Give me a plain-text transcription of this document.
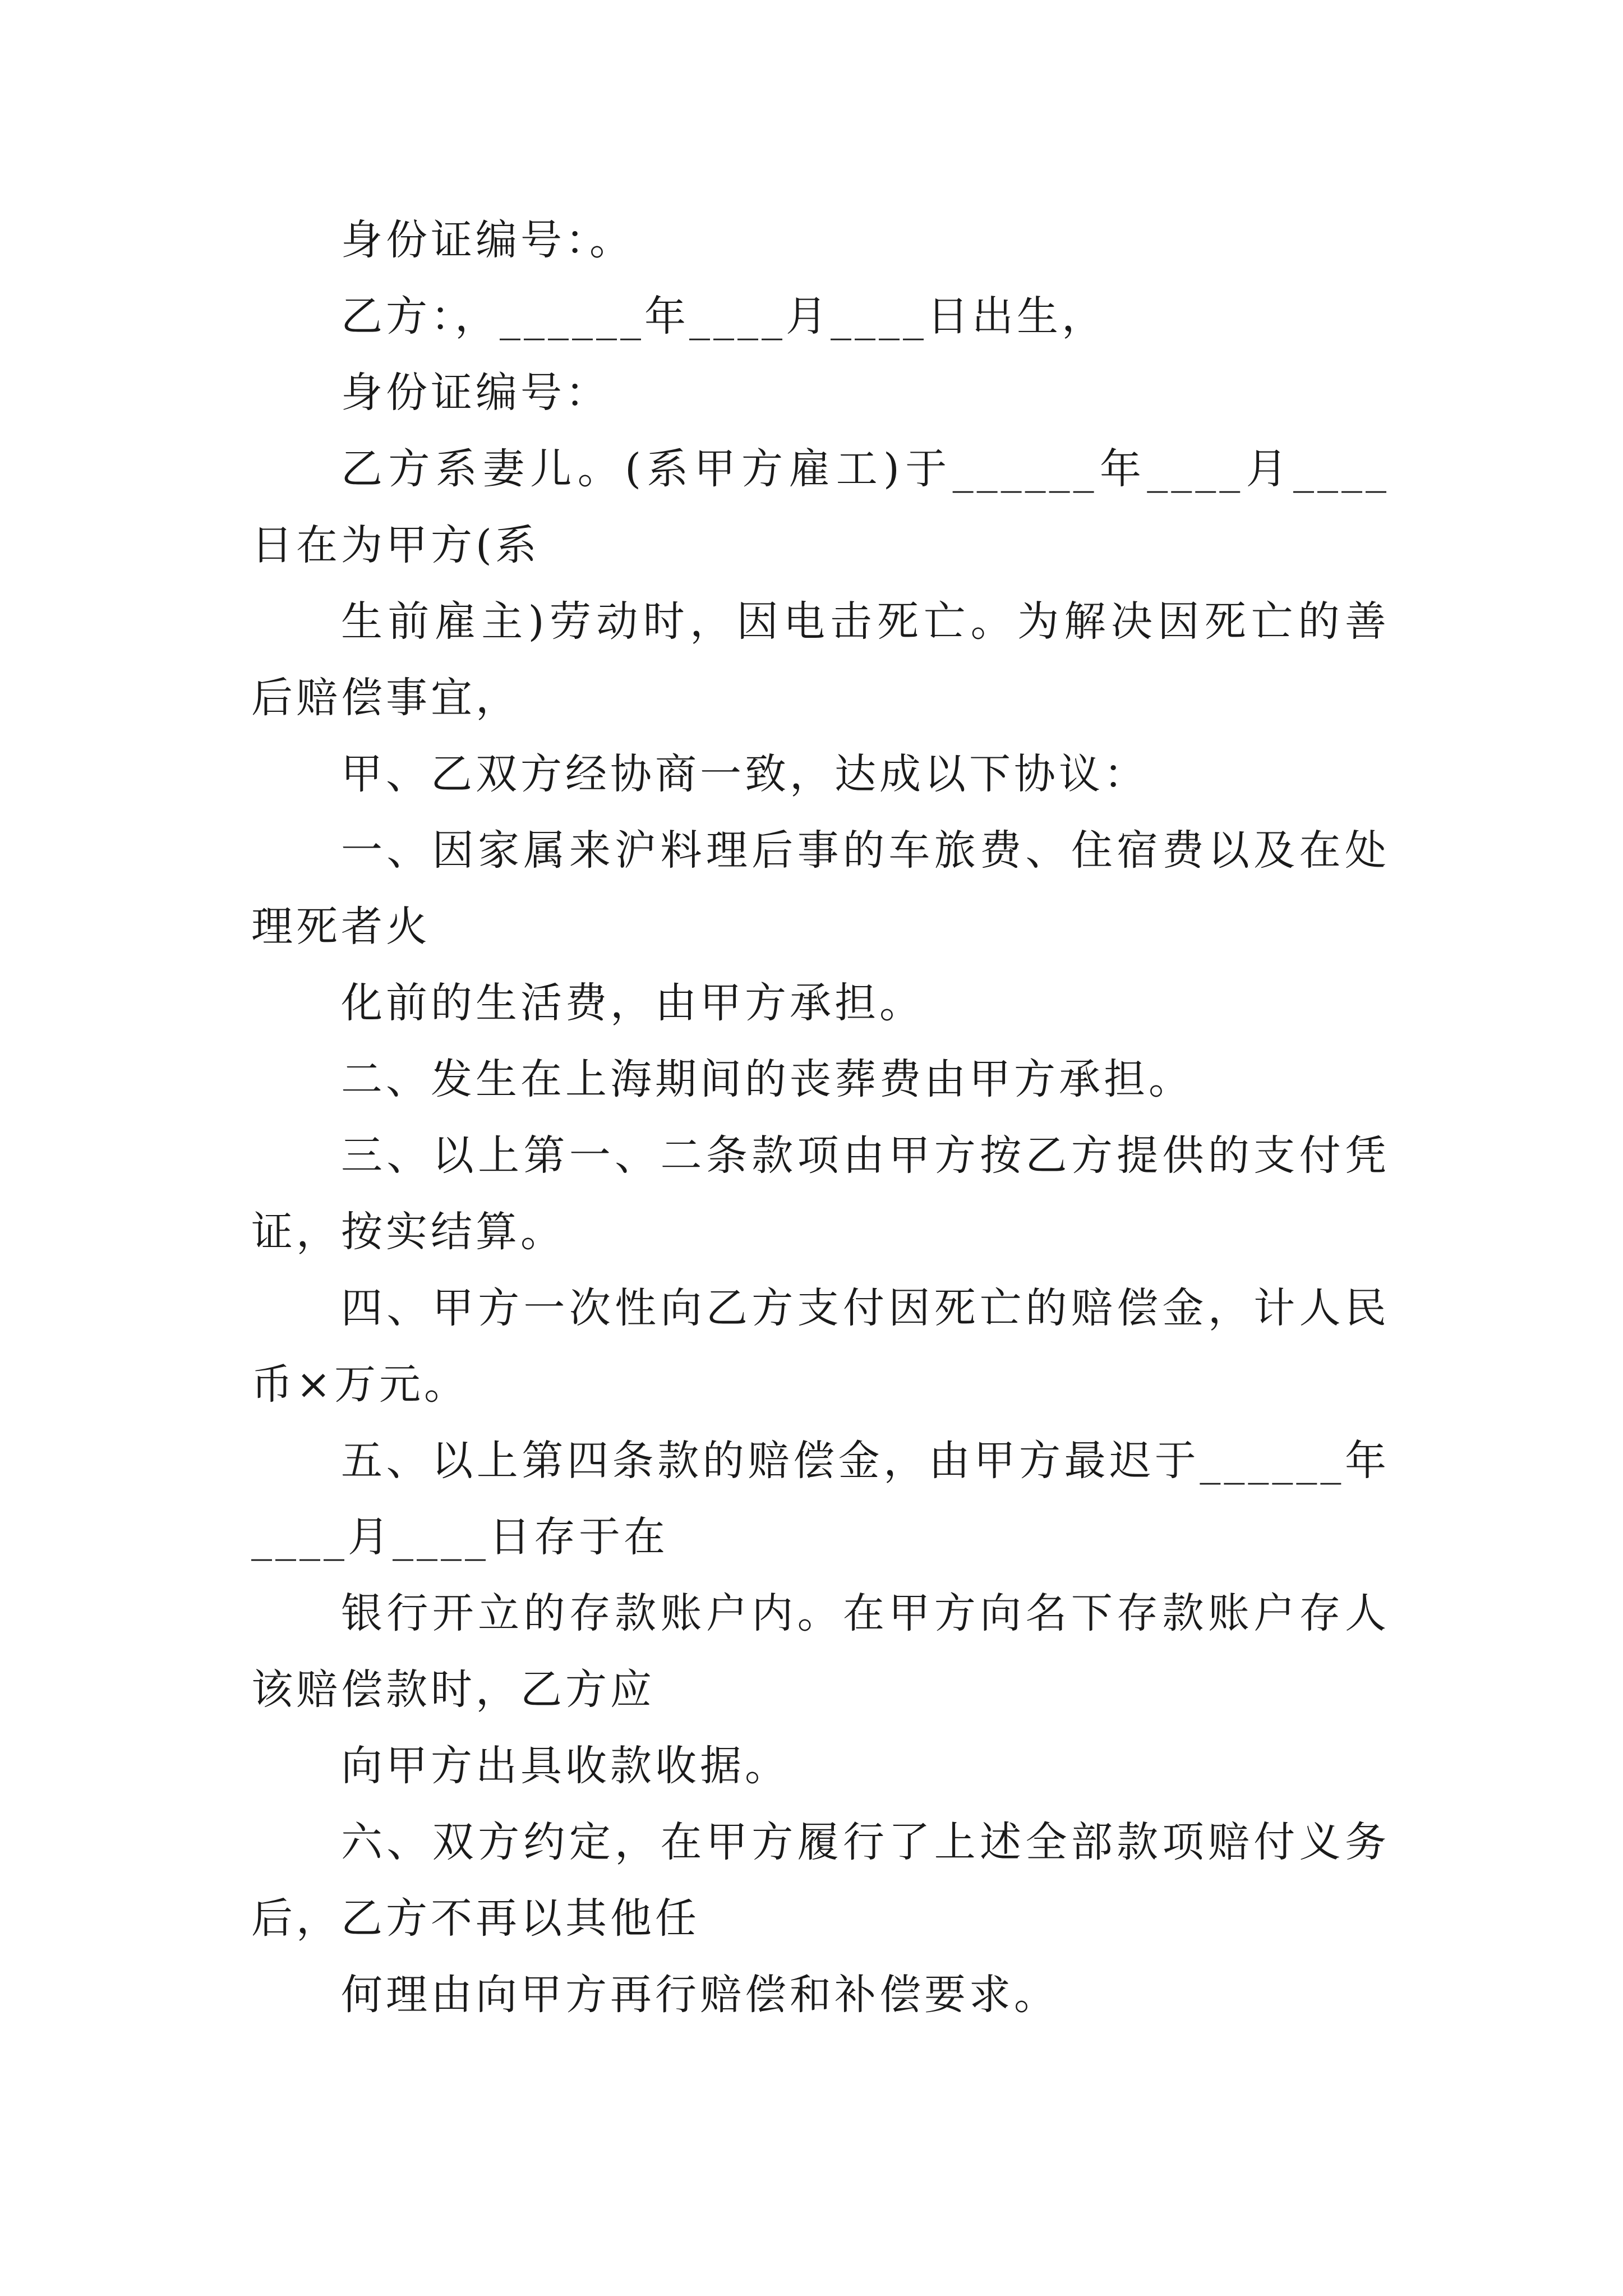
身份证编号：。

乙方：，______年____月____日出生，

身份证编号：

乙方系妻儿。(系甲方雇工)于______年____月____日在为甲方(系

生前雇主)劳动时，因电击死亡。为解决因死亡的善后赔偿事宜，

甲、乙双方经协商一致，达成以下协议：

一、因家属来沪料理后事的车旅费、住宿费以及在处理死者火

化前的生活费，由甲方承担。

二、发生在上海期间的丧葬费由甲方承担。

三、以上第一、二条款项由甲方按乙方提供的支付凭证，按实结算。

四、甲方一次性向乙方支付因死亡的赔偿金，计人民币×万元。

五、以上第四条款的赔偿金，由甲方最迟于______年____月____日存于在

银行开立的存款账户内。在甲方向名下存款账户存人该赔偿款时，乙方应

向甲方出具收款收据。

六、双方约定，在甲方履行了上述全部款项赔付义务后，乙方不再以其他任

何理由向甲方再行赔偿和补偿要求。
